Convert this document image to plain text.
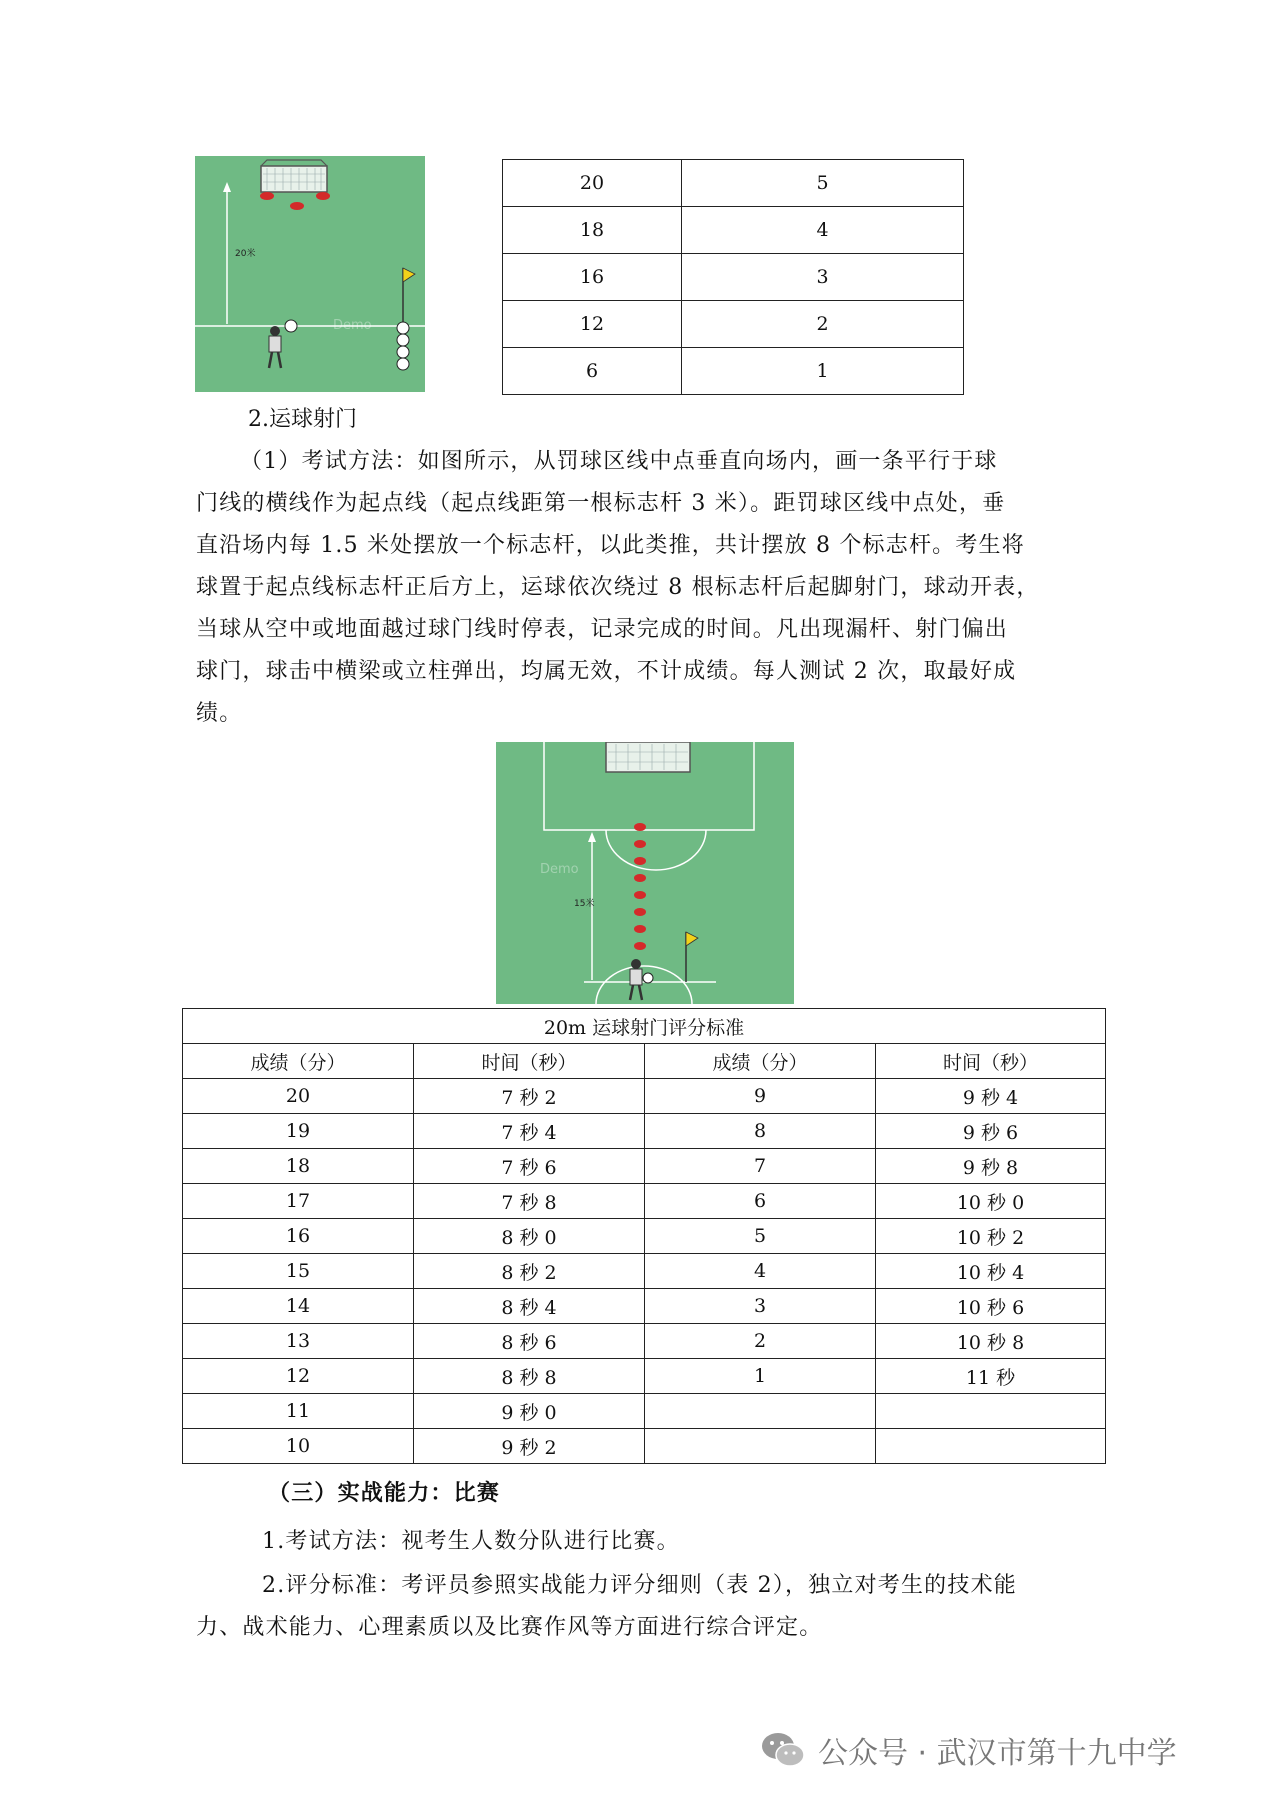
20米
Demo
20	5
18	4
16	3
12	2
6	1
2.运球射门
（1）考试方法：如图所示，从罚球区线中点垂直向场内，画一条平行于球
门线的横线作为起点线（起点线距第一根标志杆 3 米）。距罚球区线中点处，垂
直沿场内每 1.5 米处摆放一个标志杆，以此类推，共计摆放 8 个标志杆。考生将
球置于起点线标志杆正后方上，运球依次绕过 8 根标志杆后起脚射门，球动开表，
当球从空中或地面越过球门线时停表，记录完成的时间。凡出现漏杆、射门偏出
球门，球击中横梁或立柱弹出，均属无效，不计成绩。每人测试 2 次，取最好成
绩。
15米
Demo
20m 运球射门评分标准			
成绩（分）	时间（秒）	成绩（分）	时间（秒）
20	7 秒 2	9	9 秒 4
19	7 秒 4	8	9 秒 6
18	7 秒 6	7	9 秒 8
17	7 秒 8	6	10 秒 0
16	8 秒 0	5	10 秒 2
15	8 秒 2	4	10 秒 4
14	8 秒 4	3	10 秒 6
13	8 秒 6	2	10 秒 8
12	8 秒 8	1	11 秒
11	9 秒 0		
10	9 秒 2		
（三）实战能力：比赛
1.考试方法：视考生人数分队进行比赛。
2.评分标准：考评员参照实战能力评分细则（表 2），独立对考生的技术能
力、战术能力、心理素质以及比赛作风等方面进行综合评定。
公众号 · 武汉市第十九中学
